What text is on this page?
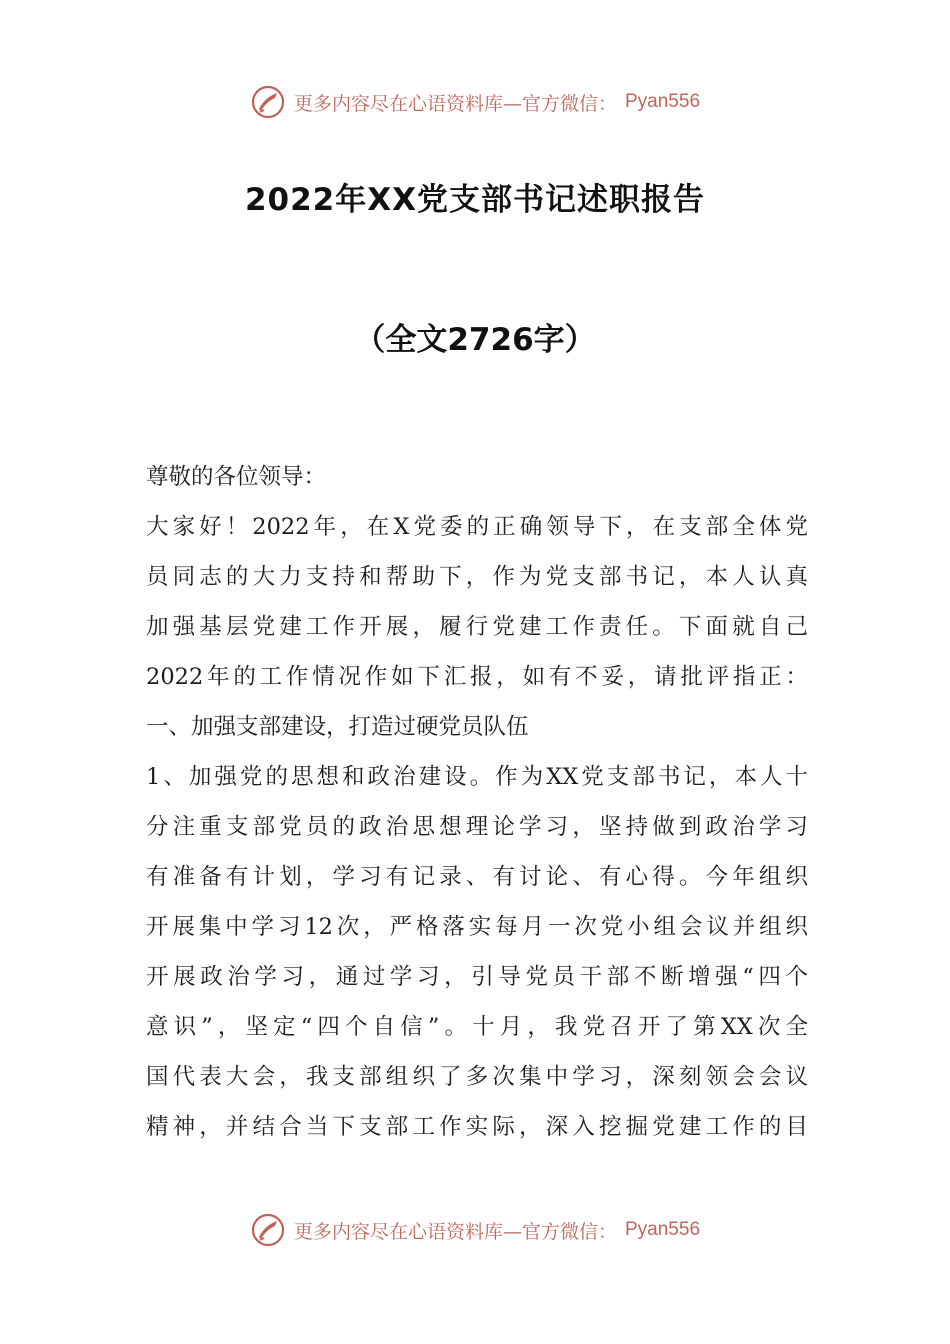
更多内容尽在心语资料库—官方微信： Pyan556
2022年XX党支部书记述职报告
（全文2726字）

尊敬的各位领导：

大家好！2022年，在X党委的正确领导下，在支部全体党

员同志的大力支持和帮助下，作为党支部书记，本人认真

加强基层党建工作开展，履行党建工作责任。下面就自己

2022年的工作情况作如下汇报，如有不妥，请批评指正：

一、加强支部建设，打造过硬党员队伍

1、加强党的思想和政治建设。作为XX党支部书记，本人十

分注重支部党员的政治思想理论学习，坚持做到政治学习

有准备有计划，学习有记录、有讨论、有心得。今年组织

开展集中学习12次，严格落实每月一次党小组会议并组织

开展政治学习，通过学习，引导党员干部不断增强“四个

意识”，坚定“四个自信”。十月，我党召开了第XX次全

国代表大会，我支部组织了多次集中学习，深刻领会会议

精神，并结合当下支部工作实际，深入挖掘党建工作的目

更多内容尽在心语资料库—官方微信： Pyan556
